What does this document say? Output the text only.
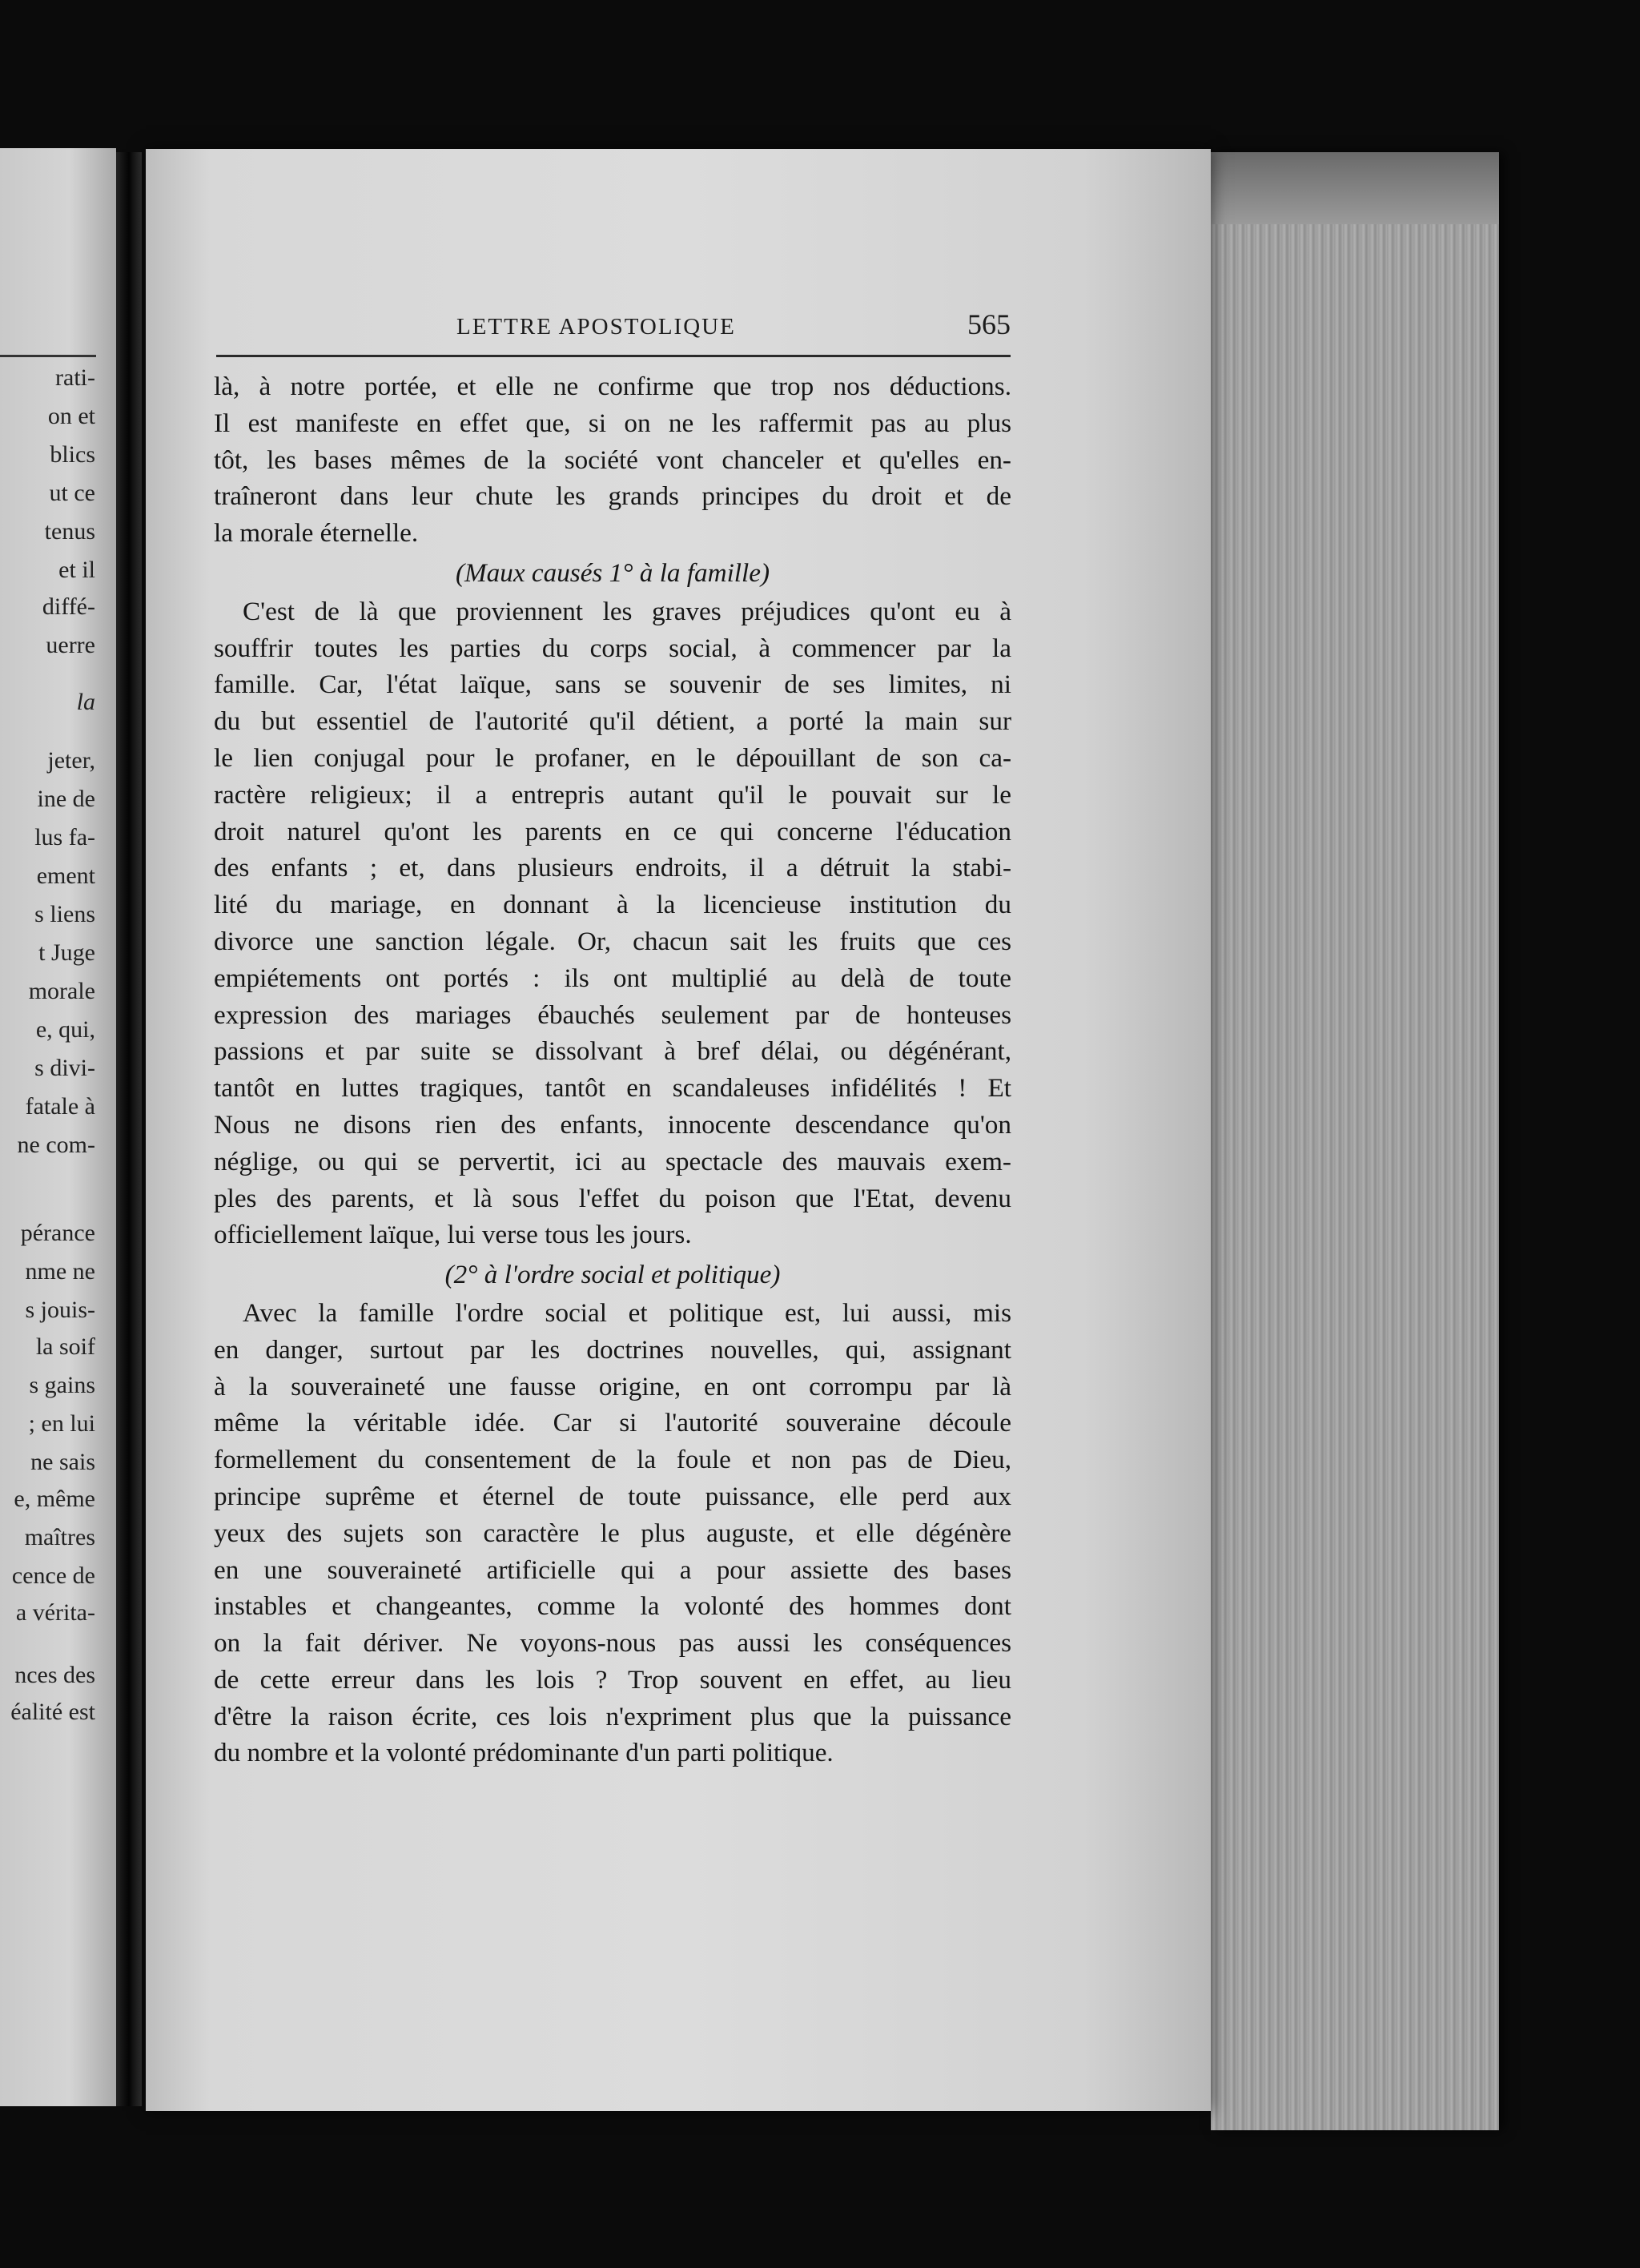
rati-
on et
blics
ut ce
tenus
et il
diffé-
uerre
la
jeter,
ine de
lus fa-
ement
s liens
t Juge
morale
e, qui,
s divi-
fatale à
ne com-
pérance
nme ne
s jouis-
la soif
s gains
; en lui
ne sais
e, même
maîtres
cence de
a vérita-
nces des
éalité est
LETTRE APOSTOLIQUE	565
là, à notre portée, et elle ne confirme que trop nos déductions.
Il est manifeste en effet que, si on ne les raffermit pas au plus
tôt, les bases mêmes de la société vont chanceler et qu'elles en-
traîneront dans leur chute les grands principes du droit et de
la morale éternelle.
(Maux causés 1° à la famille)
C'est de là que proviennent les graves préjudices qu'ont eu à
souffrir toutes les parties du corps social, à commencer par la
famille. Car, l'état laïque, sans se souvenir de ses limites, ni
du but essentiel de l'autorité qu'il détient, a porté la main sur
le lien conjugal pour le profaner, en le dépouillant de son ca-
ractère religieux; il a entrepris autant qu'il le pouvait sur le
droit naturel qu'ont les parents en ce qui concerne l'éducation
des enfants ; et, dans plusieurs endroits, il a détruit la stabi-
lité du mariage, en donnant à la licencieuse institution du
divorce une sanction légale. Or, chacun sait les fruits que ces
empiétements ont portés : ils ont multiplié au delà de toute
expression des mariages ébauchés seulement par de honteuses
passions et par suite se dissolvant à bref délai, ou dégénérant,
tantôt en luttes tragiques, tantôt en scandaleuses infidélités ! Et
Nous ne disons rien des enfants, innocente descendance qu'on
néglige, ou qui se pervertit, ici au spectacle des mauvais exem-
ples des parents, et là sous l'effet du poison que l'Etat, devenu
officiellement laïque, lui verse tous les jours.
(2° à l'ordre social et politique)
Avec la famille l'ordre social et politique est, lui aussi, mis
en danger, surtout par les doctrines nouvelles, qui, assignant
à la souveraineté une fausse origine, en ont corrompu par là
même la véritable idée. Car si l'autorité souveraine découle
formellement du consentement de la foule et non pas de Dieu,
principe suprême et éternel de toute puissance, elle perd aux
yeux des sujets son caractère le plus auguste, et elle dégénère
en une souveraineté artificielle qui a pour assiette des bases
instables et changeantes, comme la volonté des hommes dont
on la fait dériver. Ne voyons-nous pas aussi les conséquences
de cette erreur dans les lois ? Trop souvent en effet, au lieu
d'être la raison écrite, ces lois n'expriment plus que la puissance
du nombre et la volonté prédominante d'un parti politique.
